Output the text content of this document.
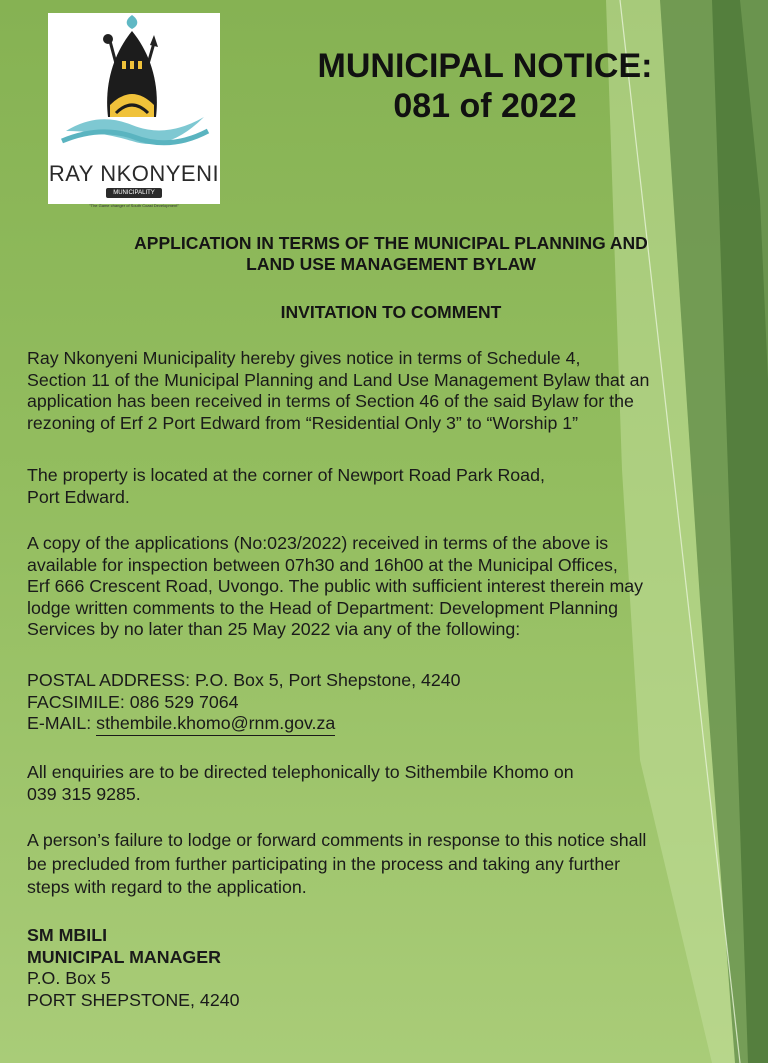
RAY NKONYENI
MUNICIPALITY
"The Game changer of South Coast Development"
MUNICIPAL NOTICE:
081 of 2022
APPLICATION IN TERMS OF THE MUNICIPAL PLANNING AND
LAND USE MANAGEMENT BYLAW
INVITATION TO COMMENT
Ray Nkonyeni Municipality hereby gives notice in terms of Schedule 4,
Section 11 of the Municipal Planning and Land Use Management Bylaw that an
application has been received in terms of Section 46 of the said Bylaw for the
rezoning of Erf 2 Port Edward from “Residential Only 3” to “Worship 1”
The property is located at the corner of Newport Road Park Road,
Port Edward.
A copy of the applications (No:023/2022) received in terms of the above is
available for inspection between 07h30 and 16h00 at the Municipal Offices,
Erf 666 Crescent Road, Uvongo. The public with sufficient interest therein may
lodge written comments to the Head of Department: Development Planning
Services by no later than 25 May 2022 via any of the following:
POSTAL ADDRESS: P.O. Box 5, Port Shepstone, 4240
FACSIMILE: 086 529 7064
E-MAIL: sthembile.khomo@rnm.gov.za
All enquiries are to be directed telephonically to Sithembile Khomo on
039 315 9285.
A person’s failure to lodge or forward comments in response to this notice shall
be precluded from further participating in the process and taking any further
steps with regard to the application.
SM MBILI
MUNICIPAL MANAGER
P.O. Box 5
PORT SHEPSTONE, 4240
